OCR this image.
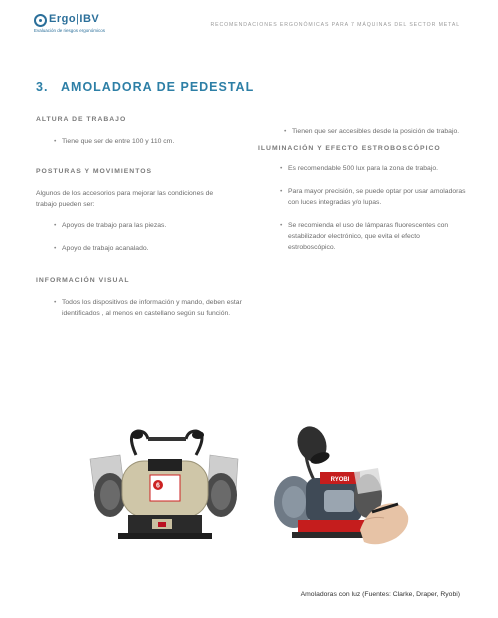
Ergo|IBV
Evaluación de riesgos ergonómicos
RECOMENDACIONES ERGONÓMICAS PARA 7 MÁQUINAS DEL SECTOR METAL
3. AMOLADORA DE PEDESTAL
ALTURA DE TRABAJO
• Tiene que ser de entre 100 y 110 cm.
POSTURAS Y MOVIMIENTOS
Algunos de los accesorios para mejorar las condiciones de trabajo pueden ser:
• Apoyos de trabajo para las piezas.
• Apoyo de trabajo acanalado.
INFORMACIÓN VISUAL
• Todos los dispositivos de información y mando, deben estar identificados , al menos en castellano según su función.
• Tienen que ser accesibles desde la posición de trabajo.
ILUMINACIÓN Y EFECTO ESTROBOSCÓPICO
• Es recomendable 500 lux para la zona de trabajo.
• Para mayor precisión, se puede optar por usar amoladoras con luces integradas y/o lupas.
• Se recomienda el uso de lámparas fluorescentes con estabilizador electrónico, que evita el efecto estroboscópico.
6
RYOBI
Amoladoras con luz (Fuentes: Clarke, Draper, Ryobi)
